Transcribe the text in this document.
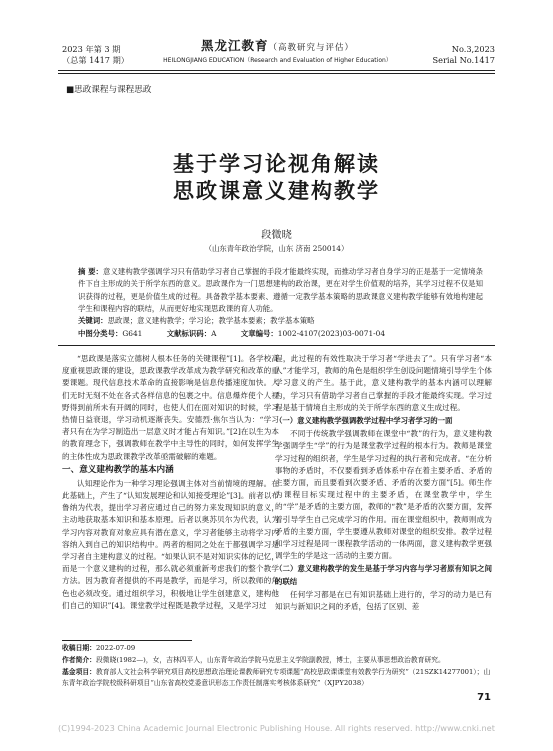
2023 年第 3 期
（总第 1417 期）
黑龙江教育（高教研究与评估）
HEILONGJIANG EDUCATION（Research and Evaluation of Higher Education）
No.3,2023
Serial No.1417
■思政课程与课程思政
基于学习论视角解读
思政课意义建构教学
段微晓
（山东青年政治学院，山东 济南 250014）
摘 要：意义建构教学强调学习只有借助学习者自己掌握的手段才能最终实现，而推动学习者自身学习的正是基于一定情境条件下自主形成的关于所学东西的意义。思政课作为一门思想建构的政治课，更在对学生价值观的培养，其学习过程不仅是知识获得的过程，更是价值生成的过程。具备教学基本要素、遵循一定教学基本策略的思政课意义建构教学能够有效地构建起学生和课程内容的联结，从而更好地实现思政课的育人功能。
关键词：思政课；意义建构教学；学习论；教学基本要素；教学基本策略
中图分类号：G641	文献标识码：A	文章编号：1002-4107(2023)03-0071-04

“思政课是落实立德树人根本任务的关键课程”[1]。各学校高度重视思政课的建设，思政课教学改革成为教学研究和改革的重要课题。现代信息技术革命的直接影响是信息传播速度加快。人们无时无刻不处在各式各样信息的包裹之中。信息爆炸使个人视野得到前所未有开阔的同时，也使人们在面对知识的时候，学习热情日益衰退，学习动机逐渐丧失。安德烈·焦尔当认为：“学习者只有在为学习制造出一层意义时才能占有知识。”[2]在以生为本的教育理念下，强调教师在教学中主导性的同时，如何发挥学生的主体性成为思政课教学改革亟需破解的难题。

一、意义建构教学的基本内涵

认知理论作为一种学习理论强调主体对当前情境的理解。在此基础上，产生了“认知发展理论和认知接受理论”[3]。前者以布鲁纳为代表，提出学习者应通过自己的努力来发现知识的意义，主动地获取基本知识和基本原理。后者以奥苏贝尔为代表，认为学习内容对教育对象应具有潜在意义，学习者能够主动将学习内容纳入到自己的知识结构中。两者的相同之处在于都强调学习是学习者自主建构意义的过程。“如果认识不是对知识实体的记忆，而是一个意义建构的过程，那么就必须重新考虑我们的整个教学方法。因为教育者提供的不再是教学，而是学习，所以教师的角色也必须改变。通过组织学习，积极地让学生创建意义，建构他们自己的知识”[4]。课堂教学过程既是教学过程，又是学习过

程，此过程的有效性取决于学习者“学进去了”。只有学习者“本人”才能学习，教师的角色是组织学生创设问题情境引导学生个体学习意义的产生。基于此，意义建构教学的基本内涵可以理解为，学习只有借助学习者自己掌握的手段才能最终实现。学习过程是基于情境自主形成的关于所学东西的意义生成过程。

（一）意义建构教学强调教学过程中学习者学习的一面

不同于传统教学强调教师在课堂中“教”的行为，意义建构教学强调学生“学”的行为是课堂教学过程的根本行为。教师是课堂学习过程的组织者，学生是学习过程的执行者和完成者。“在分析事物的矛盾时，不仅要看到矛盾体系中存在着主要矛盾、矛盾的主要方面，而且要看到次要矛盾、矛盾的次要方面”[5]。师生作为课程目标实现过程中的主要矛盾，在课堂教学中，学生的“学”是矛盾的主要方面，教师的“教”是矛盾的次要方面，发挥着引导学生自己完成学习的作用。而在课堂组织中，教师则成为矛盾的主要方面，学生要遵从教师对课堂的组织安排。教学过程和学习过程是同一课程教学活动的一体两面，意义建构教学更强调学生的学是这一活动的主要方面。

（二）意义建构教学的发生是基于学习内容与学习者原有知识之间的联结

任何学习都是在已有知识基础上进行的，学习的动力是已有知识与新知识之间的矛盾，包括了区别、差

收稿日期：2022-07-09
作者简介：段微晓(1982—)，女，吉林四平人，山东青年政治学院马克思主义学院副教授，博士，主要从事思想政治教育研究。
基金项目：教育部人文社会科学研究项目高校思想政治理论课教师研究专项课题“高校思政课课堂有效教学行为研究”（21SZK14277001）；山东青年政治学院校级科研项目“山东省高校党委意识形态工作责任制落实考核体系研究”（XJPY2038）
71
(C)1994-2023 China Academic Journal Electronic Publishing House. All rights reserved. http://www.cnki.net
